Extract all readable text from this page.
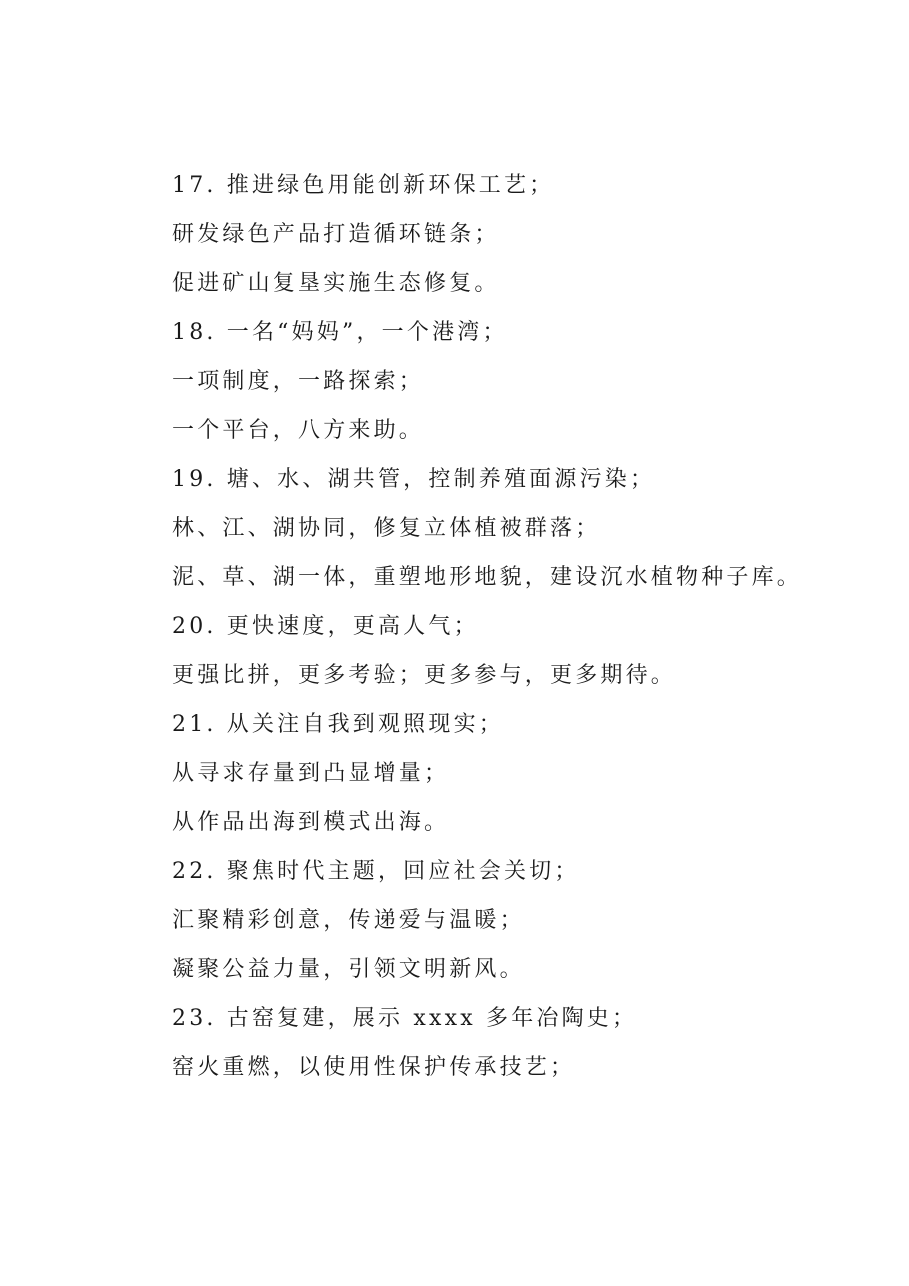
17. 推进绿色用能创新环保工艺；
研发绿色产品打造循环链条；
促进矿山复垦实施生态修复。
18. 一名“妈妈”，一个港湾；
一项制度，一路探索；
一个平台，八方来助。
19. 塘、水、湖共管，控制养殖面源污染；
林、江、湖协同，修复立体植被群落；
泥、草、湖一体，重塑地形地貌，建设沉水植物种子库。
20. 更快速度，更高人气；
更强比拼，更多考验；更多参与，更多期待。
21. 从关注自我到观照现实；
从寻求存量到凸显增量；
从作品出海到模式出海。
22. 聚焦时代主题，回应社会关切；
汇聚精彩创意，传递爱与温暖；
凝聚公益力量，引领文明新风。
23. 古窑复建，展示 xxxx 多年冶陶史；
窑火重燃，以使用性保护传承技艺；
